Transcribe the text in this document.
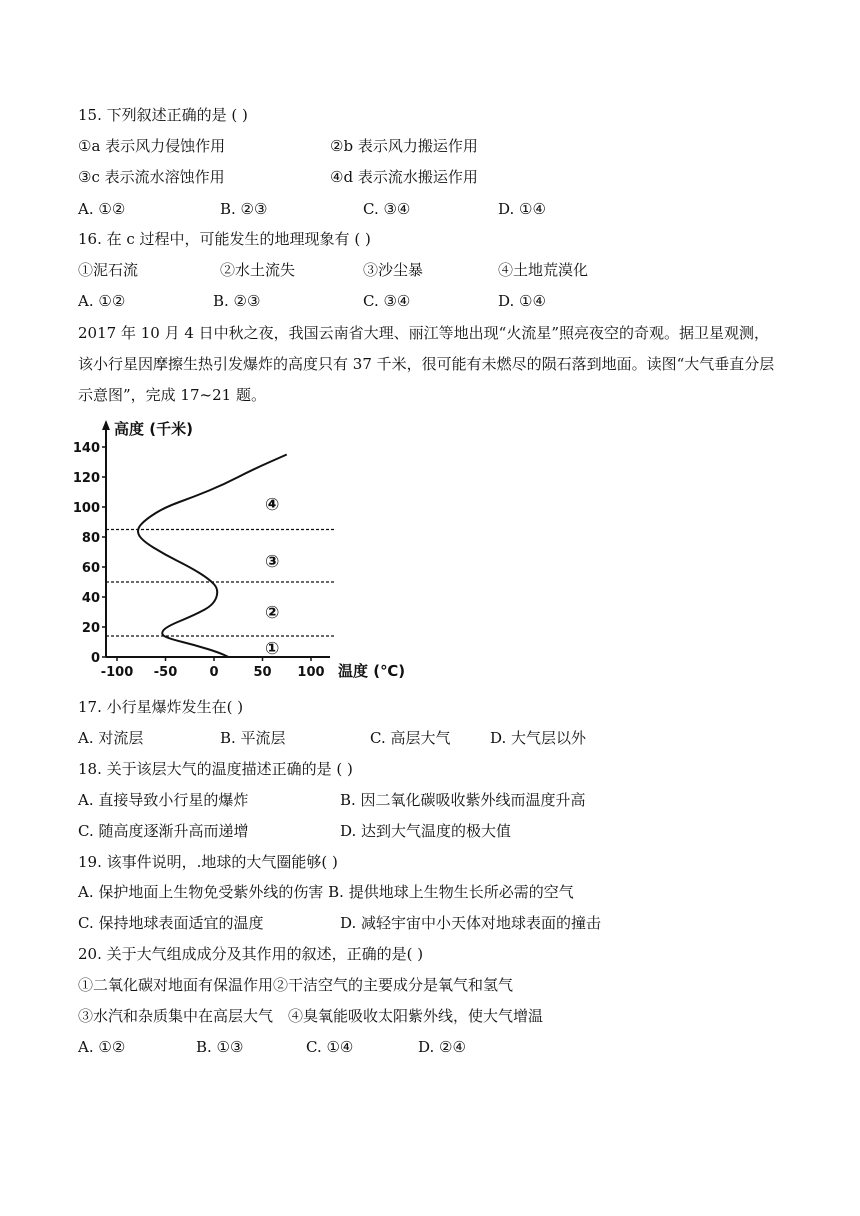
15. 下列叙述正确的是 ( )
①a 表示风力侵蚀作用	②b 表示风力搬运作用
③c 表示流水溶蚀作用	④d 表示流水搬运作用
A. ①②	B. ②③	C. ③④	D. ①④
16. 在 c 过程中，可能发生的地理现象有 ( )
①泥石流	②水土流失	③沙尘暴	④土地荒漠化
A. ①②	B. ②③	C. ③④	D. ①④
2017 年 10 月 4 日中秋之夜，我国云南省大理、丽江等地出现“火流星”照亮夜空的奇观。据卫星观测，该小行星因摩擦生热引发爆炸的高度只有 37 千米，很可能有未燃尽的陨石落到地面。读图“大气垂直分层示意图”，完成 17~21 题。
①
②
③
④
0
20
40
60
80
100
120
140
-100 -50 0	50 100
高度 (千米)
温度 (℃)
17. 小行星爆炸发生在( )
A. 对流层	B. 平流层	C. 高层大气	D. 大气层以外
18. 关于该层大气的温度描述正确的是 ( )
A. 直接导致小行星的爆炸	B. 因二氧化碳吸收紫外线而温度升高
C. 随高度逐渐升高而递增	D. 达到大气温度的极大值
19. 该事件说明，.地球的大气圈能够( )
A. 保护地面上生物免受紫外线的伤害 B. 提供地球上生物生长所必需的空气
C. 保持地球表面适宜的温度	D. 减轻宇宙中小天体对地球表面的撞击
20. 关于大气组成成分及其作用的叙述，正确的是( )
①二氧化碳对地面有保温作用②干洁空气的主要成分是氧气和氢气
③水汽和杂质集中在高层大气　④臭氧能吸收太阳紫外线，使大气增温
A. ①②	B. ①③	C. ①④	D. ②④
